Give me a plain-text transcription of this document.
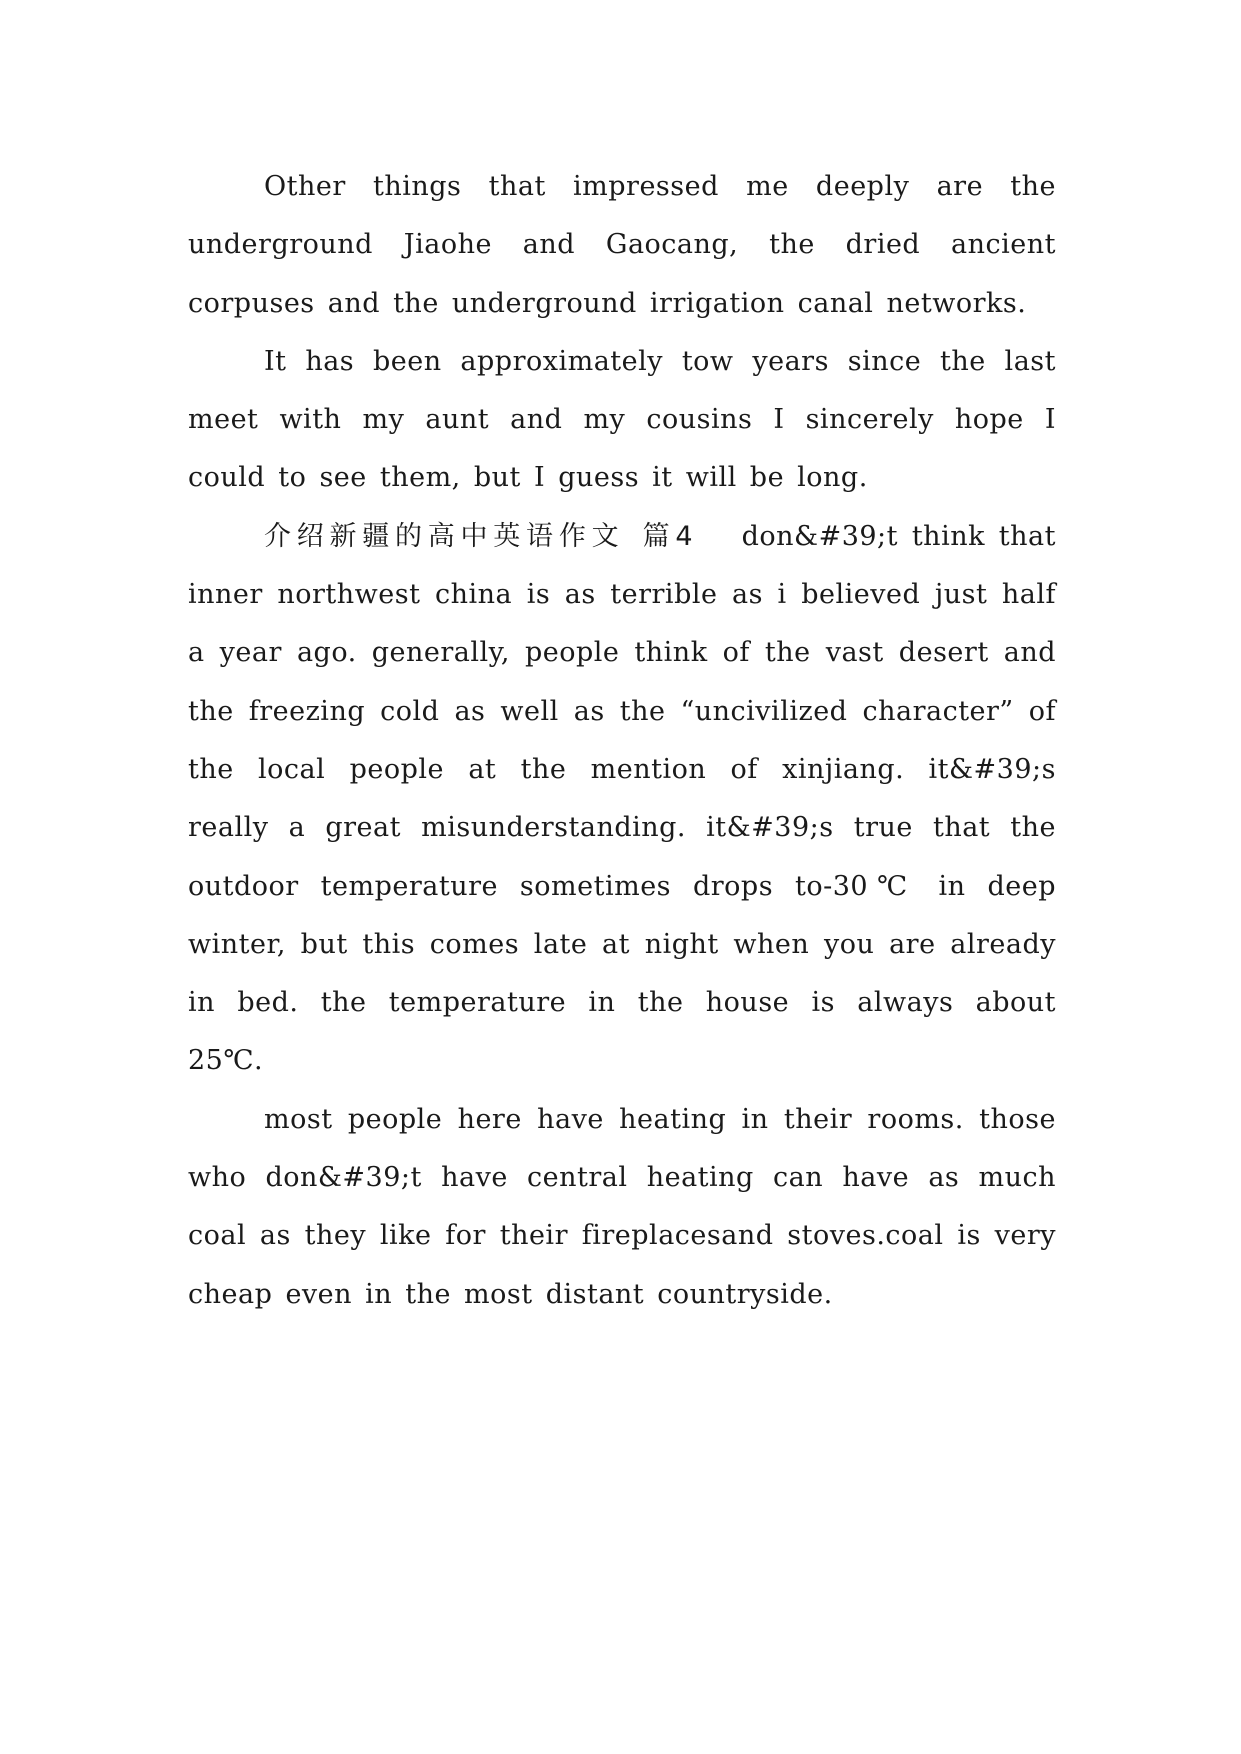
Other things that impressed me deeply are the underground Jiaohe and Gaocang, the dried ancient corpuses and the underground irrigation canal networks.

It has been approximately tow years since the last meet with my aunt and my cousins I sincerely hope I could to see them, but I guess it will be long.

介绍新疆的高中英语作文 篇4 don&#39;t think that inner northwest china is as terrible as i believed just half a year ago. generally, people think of the vast desert and the freezing cold as well as the “uncivilized character” of the local people at the mention of xinjiang. it&#39;s really a great misunderstanding. it&#39;s true that the outdoor temperature sometimes drops to-30℃ in deep winter, but this comes late at night when you are already in bed. the temperature in the house is always about 25℃.

most people here have heating in their rooms. those who don&#39;t have central heating can have as much coal as they like for their fireplacesand stoves.coal is very cheap even in the most distant countryside.
